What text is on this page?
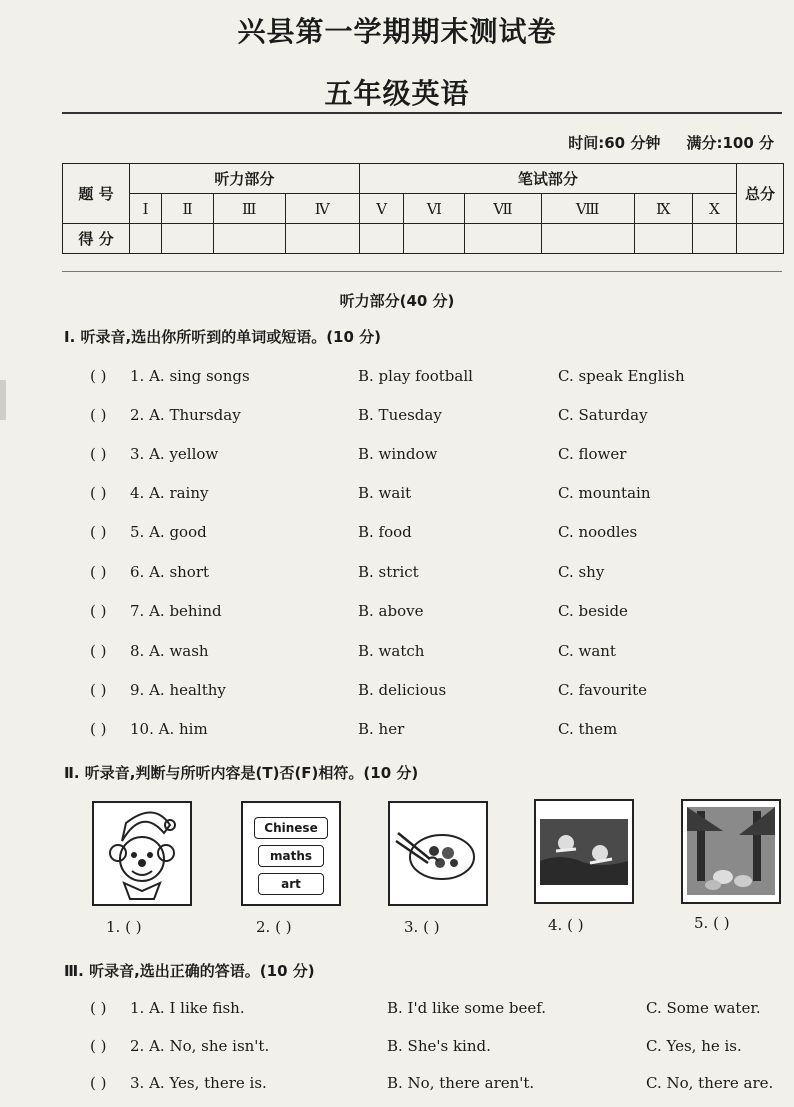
兴县第一学期期末测试卷
五年级英语
时间:60 分钟 满分:100 分
题 号	听力部分				笔试部分						总分
	Ⅰ	Ⅱ	Ⅲ	Ⅳ	Ⅴ	Ⅵ	Ⅶ	Ⅷ	Ⅸ	Ⅹ	
得 分											
听力部分(40 分)
Ⅰ. 听录音,选出你所听到的单词或短语。(10 分)
( ) 1. A. sing songs	B. play football	C. speak English
( ) 2. A. Thursday	B. Tuesday	C. Saturday
( ) 3. A. yellow	B. window	C. flower
( ) 4. A. rainy	B. wait	C. mountain
( ) 5. A. good	B. food	C. noodles
( ) 6. A. short	B. strict	C. shy
( ) 7. A. behind	B. above	C. beside
( ) 8. A. wash	B. watch	C. want
( ) 9. A. healthy	B. delicious	C. favourite
( ) 10. A. him	B. her	C. them
Ⅱ. 听录音,判断与所听内容是(T)否(F)相符。(10 分)
1. ( )
Chinese
maths
art
2. ( )	3. ( )	4. ( )	5. ( )
Ⅲ. 听录音,选出正确的答语。(10 分)
( ) 1. A. I like fish.	B. I'd like some beef.	C. Some water.
( ) 2. A. No, she isn't.	B. She's kind.	C. Yes, he is.
( ) 3. A. Yes, there is.	B. No, there aren't.	C. No, there are.
